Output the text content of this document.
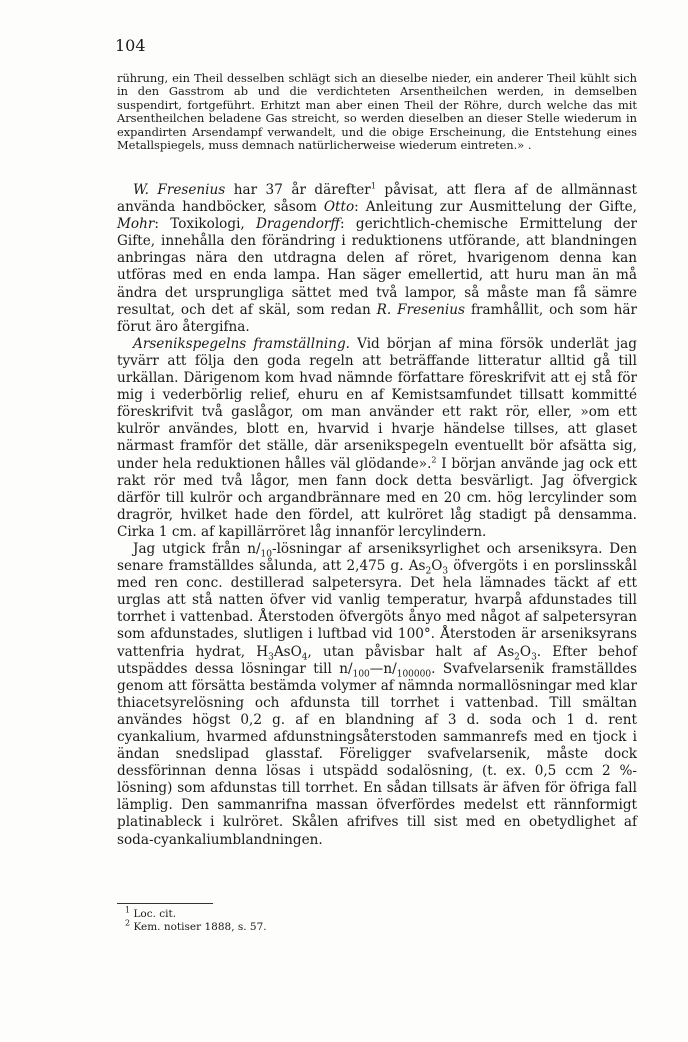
104
rührung, ein Theil desselben schlägt sich an dieselbe nieder, ein anderer Theil kühlt sich in den Gasstrom ab und die verdichteten Arsentheilchen werden, in demselben suspendirt, fortgeführt. Erhitzt man aber einen Theil der Röhre, durch welche das mit Arsentheilchen beladene Gas streicht, so werden dieselben an dieser Stelle wiederum in expandirten Arsendampf verwandelt, und die obige Erscheinung, die Entstehung eines Metallspiegels, muss demnach natürlicherweise wiederum eintreten.» .

W. Fresenius har 37 år därefter$^1$ påvisat, att flera af de allmännast använda handböcker, såsom Otto: Anleitung zur Ausmittelung der Gifte, Mohr: Toxikologi, Dragendorff: gerichtlich-chemische Ermittelung der Gifte, innehålla den förändring i reduktionens utförande, att blandningen anbringas nära den utdragna delen af röret, hvarigenom denna kan utföras med en enda lampa. Han säger emellertid, att huru man än må ändra det ursprungliga sättet med två lampor, så måste man få sämre resultat, och det af skäl, som redan R. Fresenius framhållit, och som här förut äro återgifna.

Arsenikspegelns framställning. Vid början af mina försök underlät jag tyvärr att följa den goda regeln att beträffande litteratur alltid gå till urkällan. Därigenom kom hvad nämnde författare föreskrifvit att ej stå för mig i vederbörlig relief, ehuru en af Kemistsamfundet tillsatt kommitté föreskrifvit två gaslågor, om man använder ett rakt rör, eller, »om ett kulrör användes, blott en, hvarvid i hvarje händelse tillses, att glaset närmast framför det ställe, där arsenikspegeln eventuellt bör afsätta sig, under hela reduktionen hålles väl glödande».$^2$ I början använde jag ock ett rakt rör med två lågor, men fann dock detta besvärligt. Jag öfvergick därför till kulrör och argandbrännare med en 20 cm. hög lercylinder som dragrör, hvilket hade den fördel, att kulröret låg stadigt på densamma. Cirka 1 cm. af kapillärröret låg innanför lercylindern.

Jag utgick från $n/_{10}$-lösningar af arseniksyrlighet och arseniksyra. Den senare framställdes sålunda, att 2,475 g. $As_2O_3$ öfvergöts i en porslinsskål med ren conc. destillerad salpetersyra. Det hela lämnades täckt af ett urglas att stå natten öfver vid vanlig temperatur, hvarpå afdunstades till torrhet i vattenbad. Återstoden öfvergöts ånyo med något af salpetersyran som afdunstades, slutligen i luftbad vid 100°. Återstoden är arseniksyrans vattenfria hydrat, $H_3AsO_4$, utan påvisbar halt af $As_2O_3$. Efter behof utspäddes dessa lösningar till $n/_{100}—n/_{100000}$. Svafvelarsenik framställdes genom att försätta bestämda volymer af nämnda normallösningar med klar thiacetsyrelösning och afdunsta till torrhet i vattenbad. Till smältan användes högst 0,2 g. af en blandning af 3 d. soda och 1 d. rent cyankalium, hvarmed afdunstningsåterstoden sammanrefs med en tjock i ändan snedslipad glasstaf. Föreligger svafvelarsenik, måste dock dessförinnan denna lösas i utspädd sodalösning, (t. ex. 0,5 ccm 2 %-lösning) som afdunstas till torrhet. En sådan tillsats är äfven för öfriga fall lämplig. Den sammanrifna massan öfverfördes medelst ett rännformigt platinableck i kulröret. Skålen afrifves till sist med en obetydlighet af soda-cyankaliumblandningen.

$^1$ Loc. cit.
$^2$ Kem. notiser 1888, s. 57.
